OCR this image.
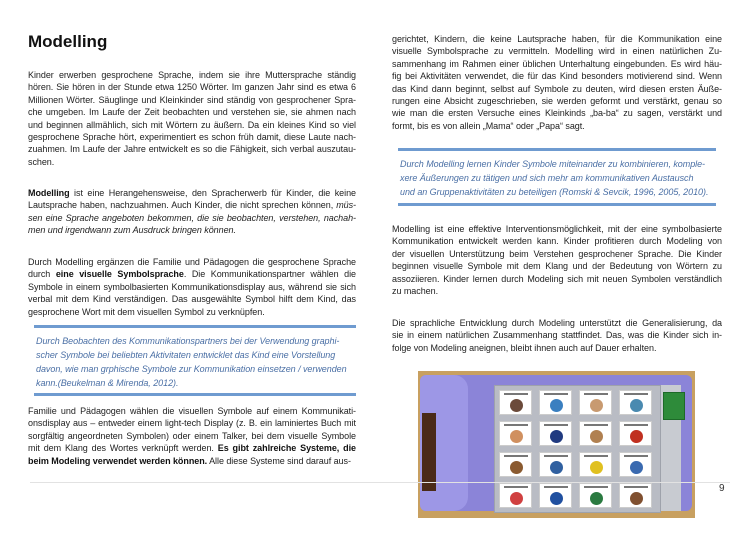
Modelling
Kinder erwerben gesprochene Sprache, indem sie ihre Muttersprache ständig
hören. Sie hören in der Stunde etwa 1250 Wörter. Im ganzen Jahr sind es etwa 6
Millionen Wörter. Säuglinge und Kleinkinder sind ständig von gesprochener Spra-
che umgeben. Im Laufe der Zeit beobachten und verstehen sie, sie ahmen nach
und beginnen allmählich, sich mit Wörtern zu äußern. Da ein kleines Kind so viel
gesprochene Sprache hört, experimentiert es schon früh damit, diese Laute nach-
zuahmen. Im Laufe der Jahre entwickelt es so die Fähigkeit, sich verbal auszutau-
schen.
Modelling ist eine Herangehensweise, den Spracherwerb für Kinder, die keine
Lautsprache haben, nachzuahmen. Auch Kinder, die nicht sprechen können, müs-
sen eine Sprache angeboten bekommen, die sie beobachten, verstehen, nachah-
men und irgendwann zum Ausdruck bringen können.
Durch Modelling ergänzen die Familie und Pädagogen die gesprochene Sprache
durch eine visuelle Symbolsprache. Die Kommunikationspartner wählen die
Symbole in einem symbolbasierten Kommunikationsdisplay aus, während sie sich
verbal mit dem Kind verständigen. Das ausgewählte Symbol hilft dem Kind, das
gesprochene Wort mit dem visuellen Symbol zu verknüpfen.
Durch Beobachten des Kommunikationspartners bei der Verwendung graphi-
scher Symbole bei beliebten Aktivitaten entwicklet das Kind eine Vorstellung
davon, wie man grphische Symbole zur Kommunikation einsetzen / verwenden
kann.(Beukelman & Mirenda, 2012).
Familie und Pädagogen wählen die visuellen Symbole auf einem Kommunikati-
onsdisplay aus – entweder einem light-tech Display (z. B. ein laminiertes Buch mit
sorgfältig angeordneten Symbolen) oder einem Talker, bei dem visuelle Symbole
mit dem Klang des Wortes verknüpft werden. Es gibt zahlreiche Systeme, die
beim Modeling verwendet werden können. Alle diese Systeme sind darauf aus-
gerichtet, Kindern, die keine Lautsprache haben, für die Kommunikation eine
visuelle Symbolsprache zu vermitteln. Modelling wird in einen natürlichen Zu-
sammenhang im Rahmen einer üblichen Unterhaltung eingebunden. Es wird häu-
fig bei Aktivitäten verwendet, die für das Kind besonders motivierend sind. Wenn
das Kind dann beginnt, selbst auf Symbole zu deuten, wird diesen ersten Äuße-
rungen eine Absicht zugeschrieben, sie werden geformt und verstärkt, genau so
wie man die ersten Versuche eines Kleinkinds „ba-ba“ zu sagen, verstärkt und
formt, bis es von allein „Mama“ oder „Papa“ sagt.
Durch Modelling lernen Kinder Symbole miteinander zu kombinieren, komple-
xere Äußerungen zu tätigen und sich mehr am kommunikativen Austausch
und an Gruppenaktivitäten zu beteiligen (Romski & Sevcik, 1996, 2005, 2010).
Modelling ist eine effektive Interventionsmöglichkeit, mit der eine symbolbasierte
Kommunikation entwickelt werden kann. Kinder profitieren durch Modeling von
der visuellen Unterstützung beim Verstehen gesprochener Sprache. Die Kinder
beginnen visuelle Symbole mit dem Klang und der Bedeutung von Wörtern zu
assoziieren. Kinder lernen durch Modeling sich mit neuen Symbolen verständlich
zu machen.
Die sprachliche Entwicklung durch Modeling unterstützt die Generalisierung, da
sie in einem natürlichen Zusammenhang stattfindet. Das, was die Kinder sich in-
folge von Modeling aneignen, bleibt ihnen auch auf Dauer erhalten.
9
